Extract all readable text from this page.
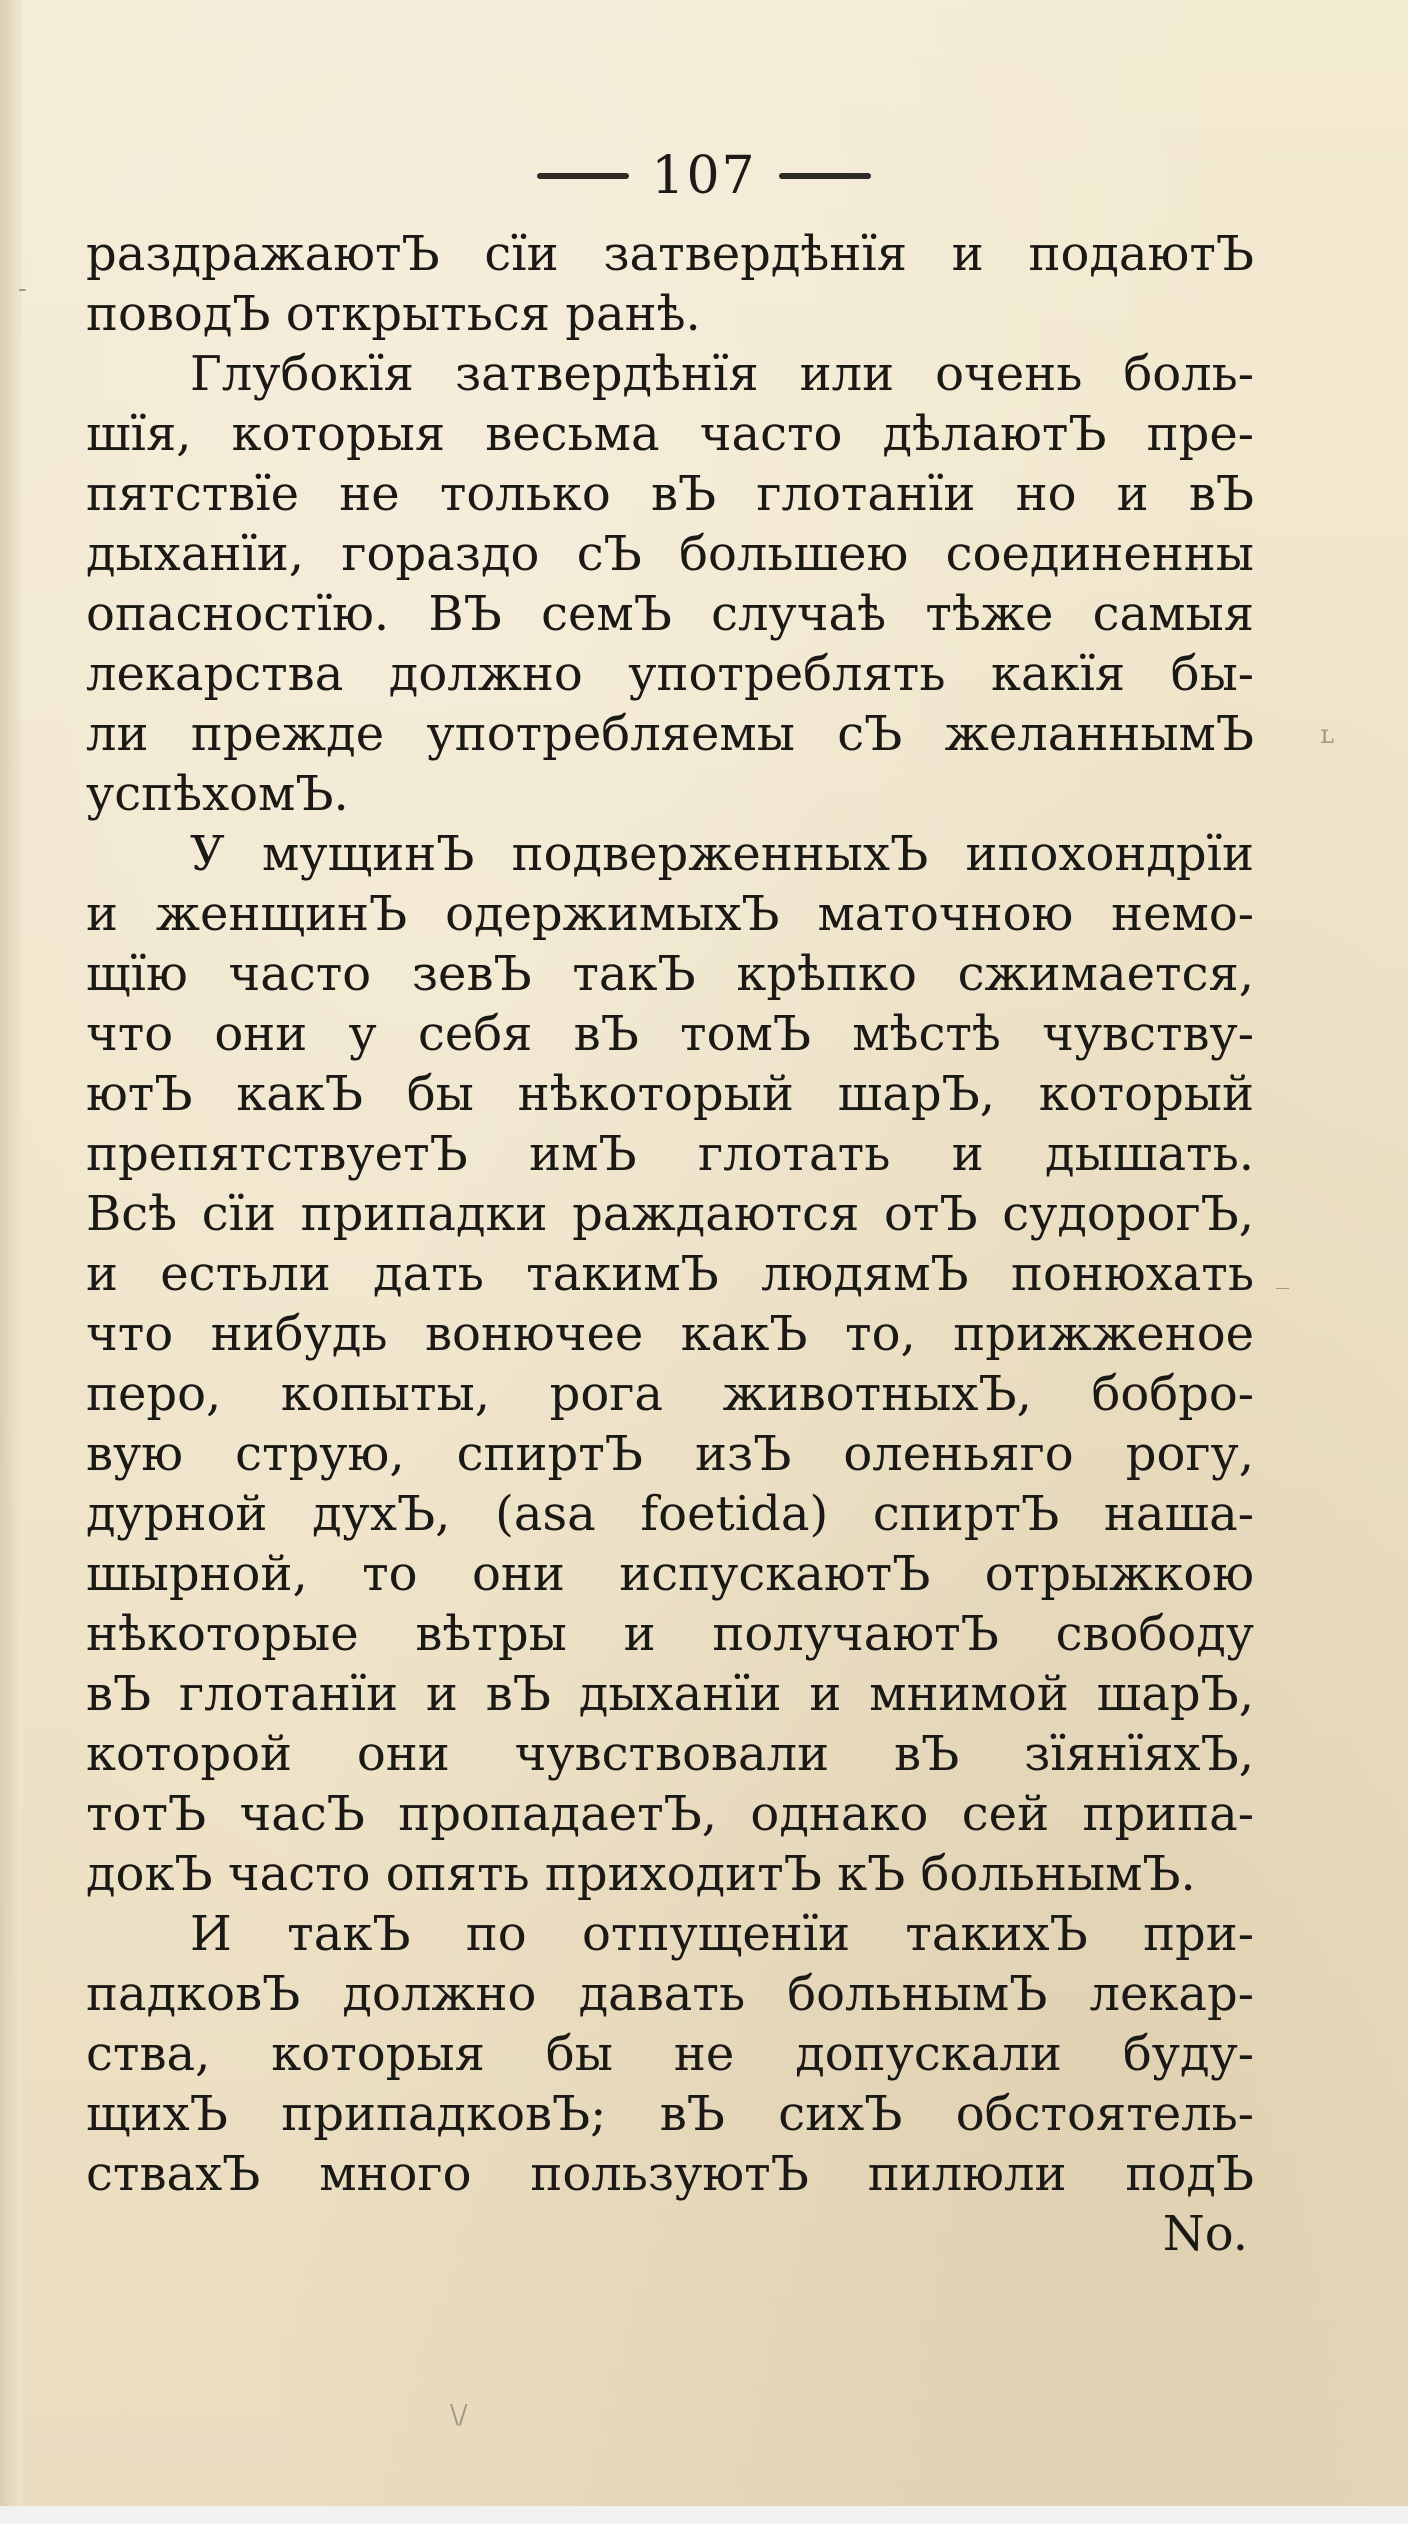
107
раздражаютЪ сїи затвердѣнїя и подаютЪ
поводЪ открыться ранѣ.
Глубокїя затвердѣнїя или очень боль-
шїя, которыя весьма часто дѣлаютЪ пре-
пятствїе не только вЪ глотанїи но и вЪ
дыханїи, гораздо сЪ большею соединенны
опасностїю. ВЪ семЪ случаѣ тѣже самыя
лекарства должно употреблять какїя бы-
ли прежде употребляемы сЪ желаннымЪ
успѣхомЪ.
У мущинЪ подверженныхЪ ипохондрїи
и женщинЪ одержимыхЪ маточною немо-
щїю часто зевЪ такЪ крѣпко сжимается,
что они у себя вЪ томЪ мѣстѣ чувству-
ютЪ какЪ бы нѣкоторый шарЪ, который
препятствуетЪ имЪ глотать и дышать.
Всѣ сїи припадки раждаются отЪ судорогЪ,
и естьли дать такимЪ людямЪ понюхать
что нибудь вонючее какЪ то, прижженое
перо, копыты, рога животныхЪ, бобро-
вую струю, спиртЪ изЪ оленьяго рогу,
дурной духЪ, (asa foetida) спиртЪ наша-
шырной, то они испускаютЪ отрыжкою
нѣкоторые вѣтры и получаютЪ свободу
вЪ глотанїи и вЪ дыханїи и мнимой шарЪ,
которой они чувствовали вЪ зїянїяхЪ,
тотЪ часЪ пропадаетЪ, однако сей припа-
докЪ часто опять приходитЪ кЪ больнымЪ.
И такЪ по отпущенїи такихЪ при-
падковЪ должно давать больнымЪ лекар-
ства, которыя бы не допускали буду-
щихЪ припадковЪ; вЪ сихЪ обстоятель-
ствахЪ много пользуютЪ пилюли подЪ
No.
-
ʟ
_
\/
